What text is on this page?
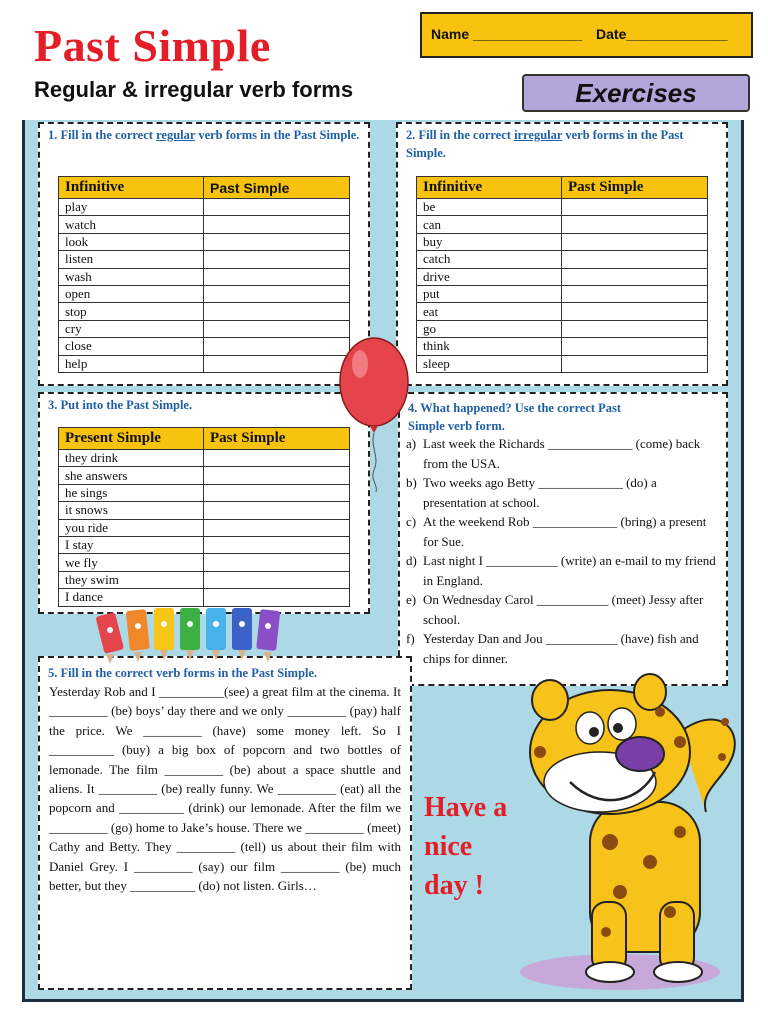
Past Simple
Regular & irregular verb forms
Name ______________ Date_____________
Exercises
1. Fill in the correct regular verb forms in the Past Simple.
Infinitive	Past Simple
play	
watch	
look	
listen	
wash	
open	
stop	
cry	
close	
help	
2. Fill in the correct irregular verb forms in the Past Simple.
Infinitive	Past Simple
be	
can	
buy	
catch	
drive	
put	
eat	
go	
think	
sleep	
3. Put into the Past Simple.
Present Simple	Past Simple
they drink	
she answers	
he sings	
it snows	
you ride	
I stay	
we fly	
they swim	
I dance	
4. What happened? Use the correct Past Simple verb form.
a) Last week the Richards _____________ (come) back from the USA.
b) Two weeks ago Betty _____________ (do) a presentation at school.
c) At the weekend Rob _____________ (bring) a present for Sue.
d) Last night I ___________ (write) an e-mail to my friend in England.
e) On Wednesday Carol ___________ (meet) Jessy after school.
f) Yesterday Dan and Jou ___________ (have) fish and chips for dinner.
5. Fill in the correct verb forms in the Past Simple.
Yesterday Rob and I __________(see) a great film at the cinema. It _________ (be) boys’ day there and we only _________ (pay) half the price. We _________ (have) some money left. So I __________ (buy) a big box of popcorn and two bottles of lemonade. The film _________ (be) about a space shuttle and aliens. It _________ (be) really funny. We _________ (eat) all the popcorn and __________ (drink) our lemonade. After the film we _________ (go) home to Jake’s house. There we _________ (meet) Cathy and Betty. They _________ (tell) us about their film with Daniel Grey. I _________ (say) our film _________ (be) much better, but they __________ (do) not listen. Girls…
Have a
nice
day !
